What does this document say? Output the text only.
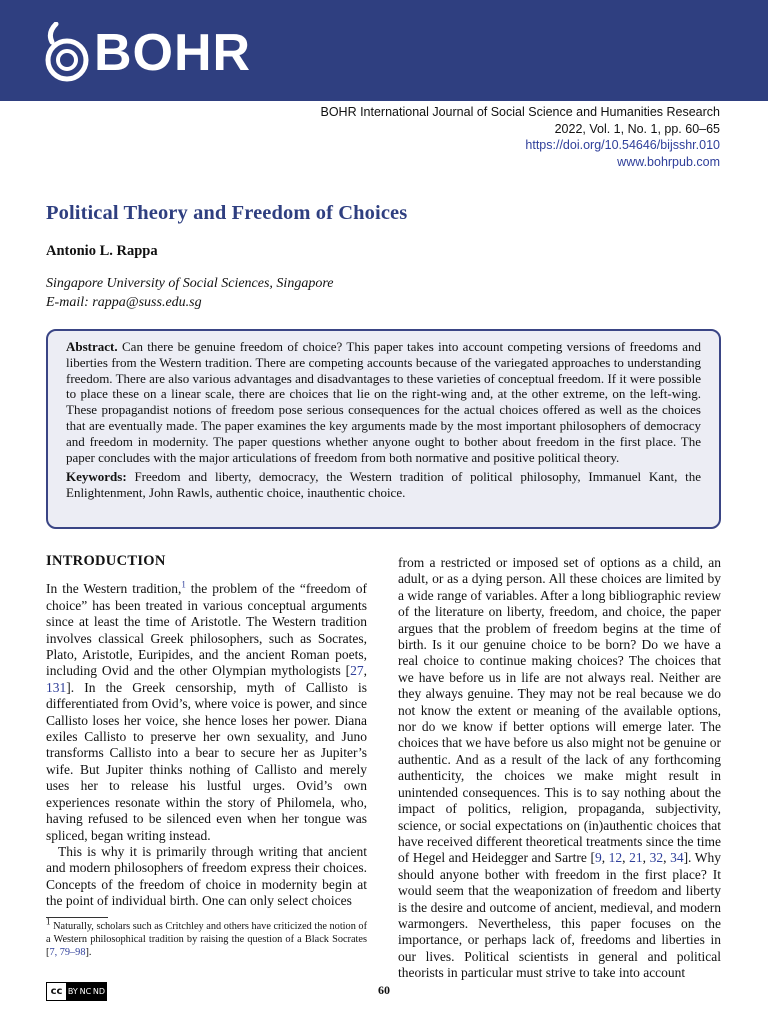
BOHR
BOHR International Journal of Social Science and Humanities Research
2022, Vol. 1, No. 1, pp. 60–65
https://doi.org/10.54646/bijsshr.010
www.bohrpub.com
Political Theory and Freedom of Choices
Antonio L. Rappa
Singapore University of Social Sciences, Singapore
E-mail: rappa@suss.edu.sg

Abstract. Can there be genuine freedom of choice? This paper takes into account competing versions of freedoms and liberties from the Western tradition. There are competing accounts because of the variegated approaches to understanding freedom. There are also various advantages and disadvantages to these varieties of conceptual freedom. If it were possible to place these on a linear scale, there are choices that lie on the right-wing and, at the other extreme, on the left-wing. These propagandist notions of freedom pose serious consequences for the actual choices offered as well as the choices that are eventually made. The paper examines the key arguments made by the most important philosophers of democracy and freedom in modernity. The paper questions whether anyone ought to bother about freedom in the first place. The paper concludes with the major articulations of freedom from both normative and positive political theory.

Keywords: Freedom and liberty, democracy, the Western tradition of political philosophy, Immanuel Kant, the Enlightenment, John Rawls, authentic choice, inauthentic choice.

INTRODUCTION

In the Western tradition,$^1$ the problem of the “freedom of choice” has been treated in various conceptual arguments since at least the time of Aristotle. The Western tradition involves classical Greek philosophers, such as Socrates, Plato, Aristotle, Euripides, and the ancient Roman poets, including Ovid and the other Olympian mythologists [27, 131]. In the Greek censorship, myth of Callisto is differentiated from Ovid’s, where voice is power, and since Callisto loses her voice, she hence loses her power. Diana exiles Callisto to preserve her own sexuality, and Juno transforms Callisto into a bear to secure her as Jupiter’s wife. But Jupiter thinks nothing of Callisto and merely uses her to release his lustful urges. Ovid’s own experiences resonate within the story of Philomela, who, having refused to be silenced even when her tongue was spliced, began writing instead.

This is why it is primarily through writing that ancient and modern philosophers of freedom express their choices. Concepts of the freedom of choice in modernity begin at the point of individual birth. One can only select choices

from a restricted or imposed set of options as a child, an adult, or as a dying person. All these choices are limited by a wide range of variables. After a long bibliographic review of the literature on liberty, freedom, and choice, the paper argues that the problem of freedom begins at the time of birth. Is it our genuine choice to be born? Do we have a real choice to continue making choices? The choices that we have before us in life are not always real. Neither are they always genuine. They may not be real because we do not know the extent or meaning of the available options, nor do we know if better options will emerge later. The choices that we have before us also might not be genuine or authentic. And as a result of the lack of any forthcoming authenticity, the choices we make might result in unintended consequences. This is to say nothing about the impact of politics, religion, propaganda, subjectivity, science, or social expectations on (in)authentic choices that have received different theoretical treatments since the time of Hegel and Heidegger and Sartre [9, 12, 21, 32, 34]. Why should anyone bother with freedom in the first place? It would seem that the weaponization of freedom and liberty is the desire and outcome of ancient, medieval, and modern warmongers. Nevertheless, this paper focuses on the importance, or perhaps lack of, freedoms and liberties in our lives. Political scientists in general and political theorists in particular must strive to take into account

$^1$ Naturally, scholars such as Critchley and others have criticized the notion of a Western philosophical tradition by raising the question of a Black Socrates [7, 79–98].
cc BY NC ND	60
